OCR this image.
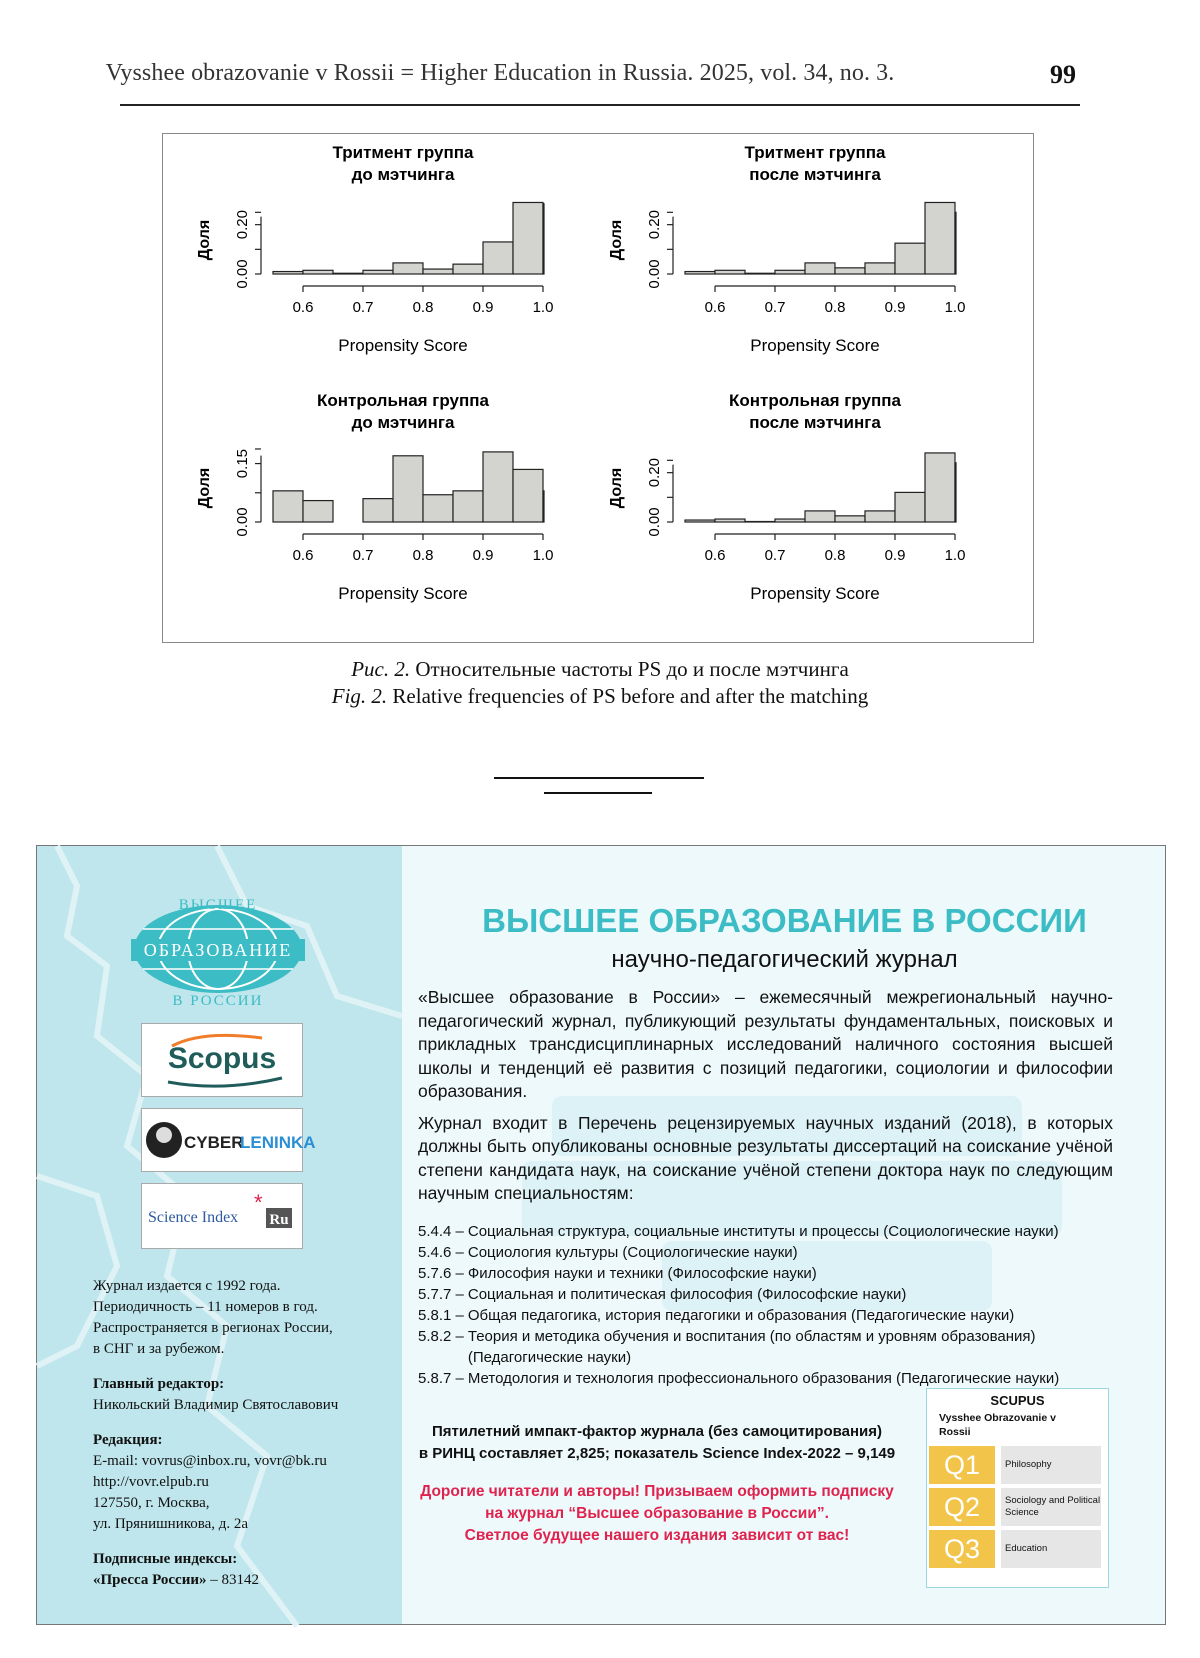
Vysshee obrazovanie v Rossii = Higher Education in Russia. 2025, vol. 34, no. 3.	99
Тритмент группа
до мэтчинга
0.00
0.20
Доля
0.6	0.7	0.8	0.9	1.0
Propensity Score
Тритмент группа
после мэтчинга
0.00
0.20
Доля
0.6	0.7	0.8	0.9	1.0
Propensity Score
Контрольная группа
до мэтчинга
0.00
0.15
Доля
0.6	0.7	0.8	0.9	1.0
Propensity Score
Контрольная группа
после мэтчинга
0.00
0.20
Доля
0.6	0.7	0.8	0.9	1.0
Propensity Score
Рис. 2. Относительные частоты PS до и после мэтчинга
Fig. 2. Relative frequencies of PS before and after the matching
ВЫСШЕЕ
ОБРАЗОВАНИЕ
В РОССИИ
Scopus
CYBER
LENINKA
Science Index
*
Ru
Журнал издается с 1992 года.
Периодичность – 11 номеров в год.
Распространяется в регионах России,
в СНГ и за рубежом.
Главный редактор:
Никольский Владимир Святославович
Редакция:
E-mail: vovrus@inbox.ru, vovr@bk.ru
http://vovr.elpub.ru
127550, г. Москва,
ул. Прянишникова, д. 2а
Подписные индексы:
«Пресса России» – 83142
ВЫСШЕЕ ОБРАЗОВАНИЕ В РОССИИ
научно-педагогический журнал

«Высшее образование в России» – ежемесячный межрегиональный научно-педагогический журнал, публикующий результаты фундаментальных, поисковых и прикладных трансдисциплинарных исследований наличного состояния высшей школы и тенденций её развития с позиций педагогики, социологии и философии образования.

Журнал входит в Перечень рецензируемых научных изданий (2018), в которых должны быть опубликованы основные результаты диссертаций на соискание учёной степени кандидата наук, на соискание учёной степени доктора наук по следующим научным специальностям:

5.4.4 – Социальная структура, социальные институты и процессы (Социологические науки)
5.4.6 – Социология культуры (Социологические науки)
5.7.6 – Философия науки и техники (Философские науки)
5.7.7 – Социальная и политическая философия (Философские науки)
5.8.1 – Общая педагогика, история педагогики и образования (Педагогические науки)
5.8.2 – Теория и методика обучения и воспитания (по областям и уровням образования) (Педагогические науки)
5.8.7 – Методология и технология профессионального образования (Педагогические науки)
Пятилетний импакт-фактор журнала (без самоцитирования)
в РИНЦ составляет 2,825; показатель Science Index-2022 – 9,149
Дорогие читатели и авторы! Призываем оформить подписку
на журнал “Высшее образование в России”.
Светлое будущее нашего издания зависит от вас!
SCUPUS
Vysshee Obrazovanie v Rossii
Q1	Philosophy
Q2	Sociology and Political Science
Q3	Education
